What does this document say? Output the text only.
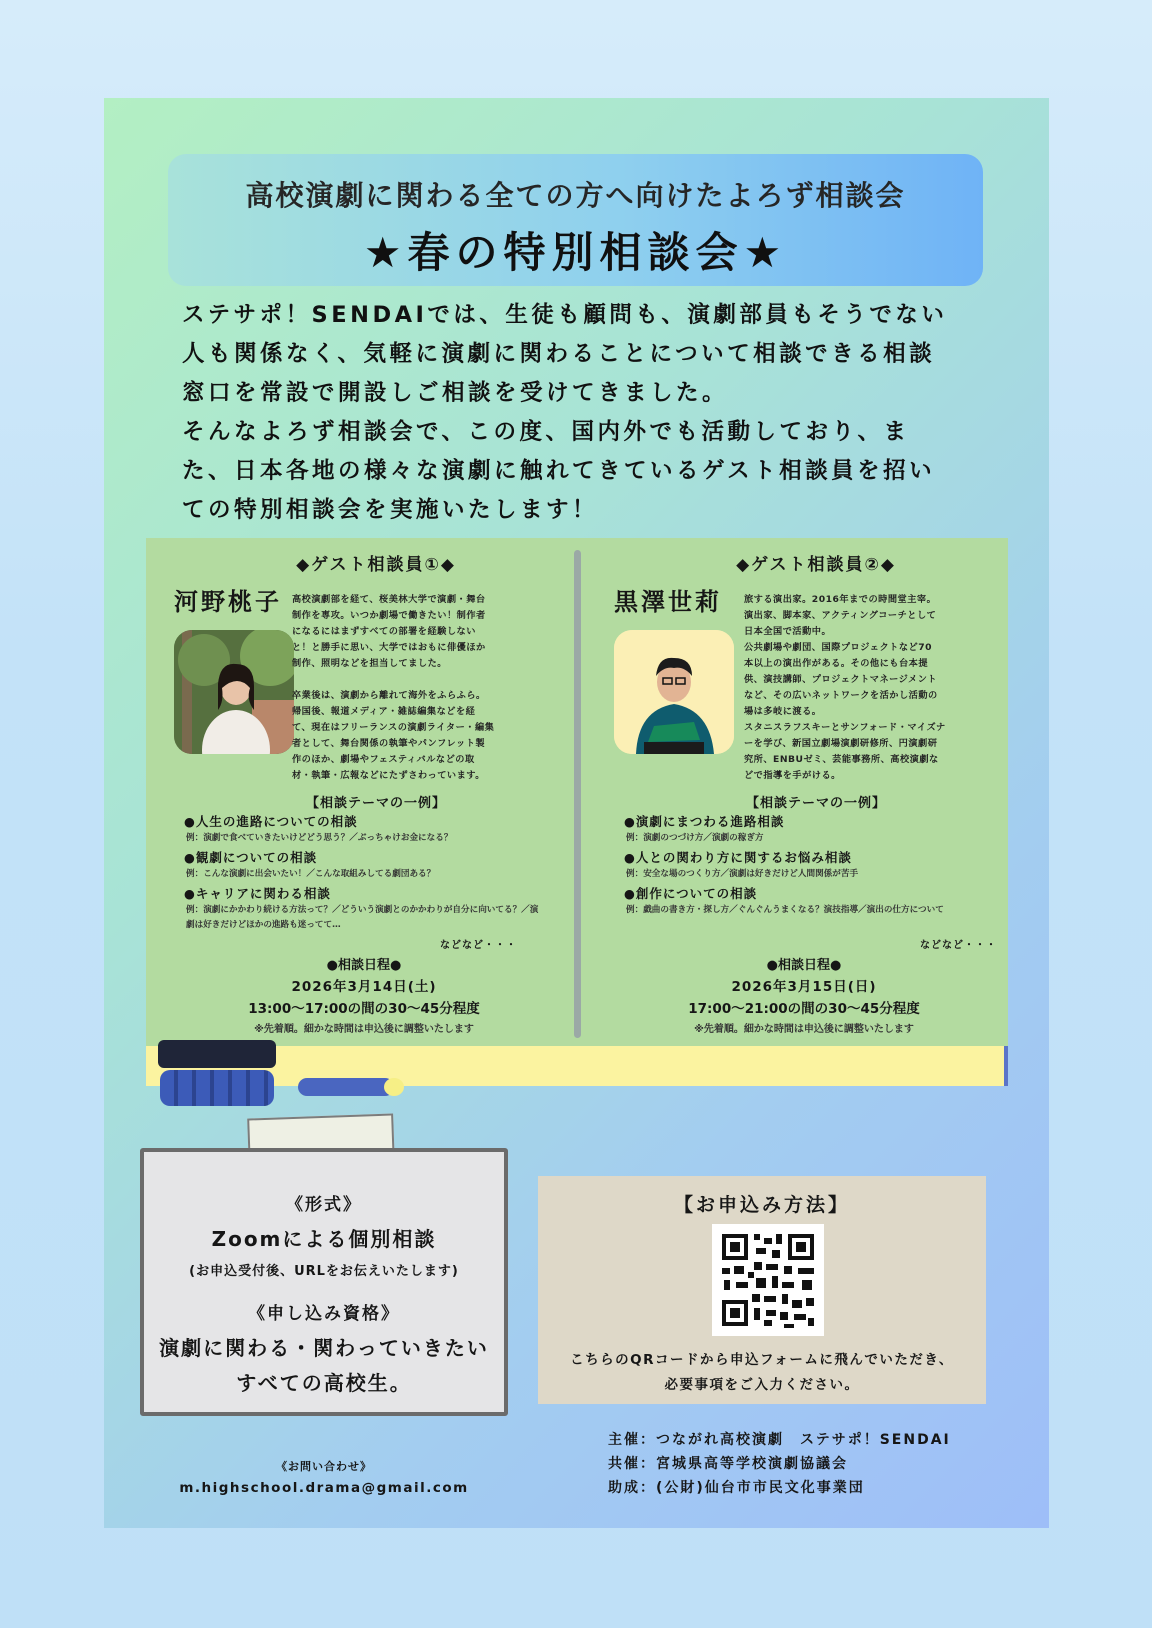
高校演劇に関わる全ての方へ向けたよろず相談会
★春の特別相談会★

ステサポ！SENDAIでは、生徒も顧問も、演劇部員もそうでない

人も関係なく、気軽に演劇に関わることについて相談できる相談

窓口を常設で開設しご相談を受けてきました。

そんなよろず相談会で、この度、国内外でも活動しており、ま

た、日本各地の様々な演劇に触れてきているゲスト相談員を招い

ての特別相談会を実施いたします！

◆ゲスト相談員①◆
河野桃子 高校演劇部を経て、桜美林大学で演劇・舞台
制作を専攻。いつか劇場で働きたい！制作者
になるにはまずすべての部署を経験しない
と！と勝手に思い、大学ではおもに俳優ほか
制作、照明などを担当してました。

卒業後は、演劇から離れて海外をふらふら。
帰国後、報道メディア・雑誌編集などを経
て、現在はフリーランスの演劇ライター・編集
者として、舞台関係の執筆やパンフレット製
作のほか、劇場やフェスティバルなどの取
材・執筆・広報などにたずさわっています。
【相談テーマの一例】
●人生の進路についての相談
例：演劇で食べていきたいけどどう思う？／ぶっちゃけお金になる？
●観劇についての相談
例：こんな演劇に出会いたい！／こんな取組みしてる劇団ある？
●キャリアに関わる相談
例：演劇にかかわり続ける方法って？／どういう演劇とのかかわりが自分に向いてる？／演劇は好きだけどほかの進路も迷ってて…
などなど・・・
●相談日程●
2026年3月14日(土)
13:00～17:00の間の30～45分程度
※先着順。細かな時間は申込後に調整いたします
◆ゲスト相談員②◆
黒澤世莉 旅する演出家。2016年までの時間堂主宰。
演出家、脚本家、アクティングコーチとして
日本全国で活動中。
公共劇場や劇団、国際プロジェクトなど70
本以上の演出作がある。その他にも台本提
供、演技講師、プロジェクトマネージメント
など、その広いネットワークを活かし活動の
場は多岐に渡る。
スタニスラフスキーとサンフォード・マイズナ
ーを学び、新国立劇場演劇研修所、円演劇研
究所、ENBUゼミ、芸能事務所、高校演劇な
どで指導を手がける。
【相談テーマの一例】
●演劇にまつわる進路相談
例：演劇のつづけ方／演劇の稼ぎ方
●人との関わり方に関するお悩み相談
例：安全な場のつくり方／演劇は好きだけど人間関係が苦手
●創作についての相談
例：戯曲の書き方・探し方／ぐんぐんうまくなる？演技指導／演出の仕方について
などなど・・・
●相談日程●
2026年3月15日(日)
17:00～21:00の間の30～45分程度
※先着順。細かな時間は申込後に調整いたします
《形式》
Zoomによる個別相談
(お申込受付後、URLをお伝えいたします)
《申し込み資格》
演劇に関わる・関わっていきたい
すべての高校生。
【お申込み方法】
こちらのQRコードから申込フォームに飛んでいただき、
必要事項をご入力ください。
《お問い合わせ》
m.highschool.drama@gmail.com
主催：つながれ高校演劇　ステサポ！SENDAI
共催：宮城県高等学校演劇協議会
助成：(公財)仙台市市民文化事業団
